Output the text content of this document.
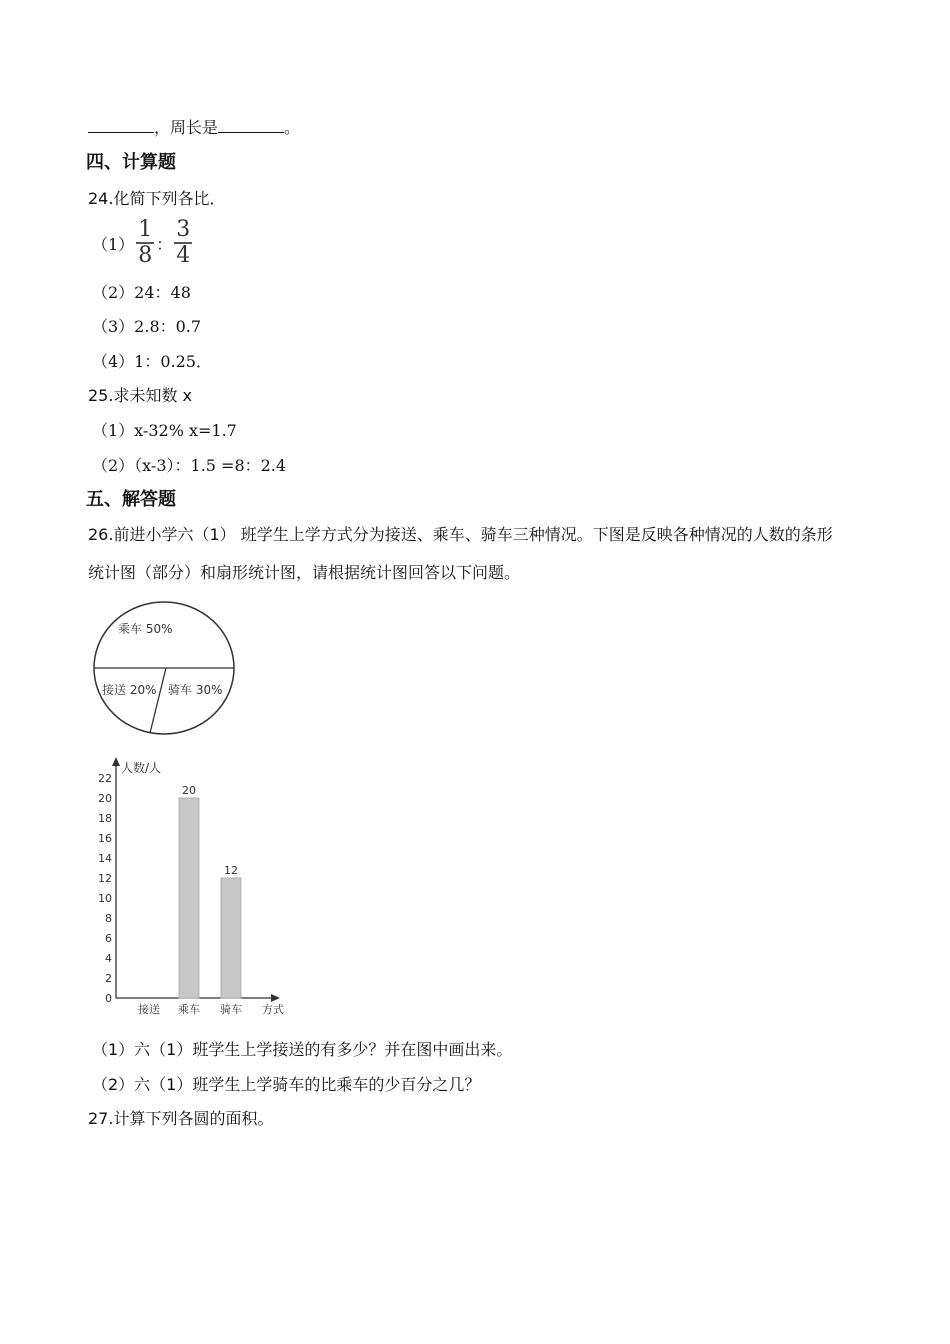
，周长是	。
四、计算题
24.化简下列各比．
$(1) \frac{1}{8}$ ： $\frac{3}{4}$
（2）24：48
（3）2.8：0.7
（4）1：0.25．
25.求未知数 x
（1）x-32% x=1.7
（2）（x-3）：1.5 =8：2.4
五、解答题
26.前进小学六（1） 班学生上学方式分为接送、乘车、骑车三种情况。下图是反映各种情况的人数的条形
统计图（部分）和扇形统计图，请根据统计图回答以下问题。
乘车 50%
接送 20% 骑车 30%
人数/人
方式
0
2
4
6
8
10
12
14
16
18
20
22
20
12
接送 乘车 骑车
（1）六（1）班学生上学接送的有多少？并在图中画出来。
（2）六（1）班学生上学骑车的比乘车的少百分之几？
27.计算下列各圆的面积。
